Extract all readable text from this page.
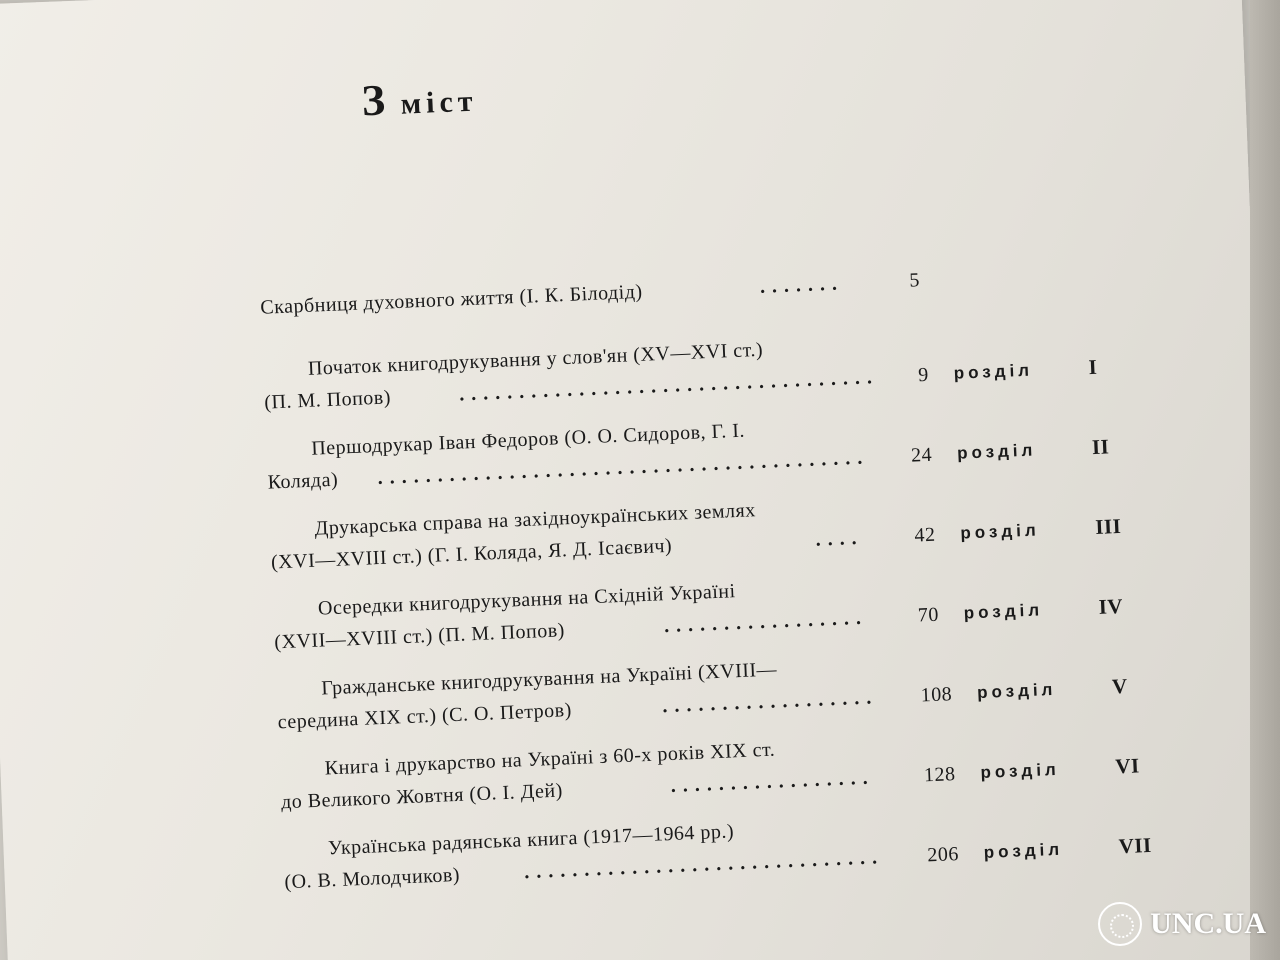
З міст
Скарбниця духовного життя (І. К. Білодід)	.......	5
Початок книгодрукування у слов'ян (XV—XVI ст.)
(П. М. Попов)	...................................	9 розділ	I
Першодрукар Іван Федоров (О. О. Сидоров, Г. І.
Коляда) .........................................	24 розділ	II
Друкарська справа на західноукраїнських землях
(XVI—XVIII ст.) (Г. І. Коляда, Я. Д. Ісаєвич)	....	42 розділ	III
Осередки книгодрукування на Східній Україні
(XVII—XVIII ст.) (П. М. Попов)	.................	70 розділ	IV
Гражданське книгодрукування на Україні (XVIII—
середина XIX ст.) (С. О. Петров)	..................	108 розділ	V
Книга і друкарство на Україні з 60-х років XIX ст.
до Великого Жовтня (О. І. Дей)	.................	128 розділ	VI
Українська радянська книга (1917—1964 рр.)
(О. В. Молодчиков)	..............................	206 розділ	VII
UNC.UA
